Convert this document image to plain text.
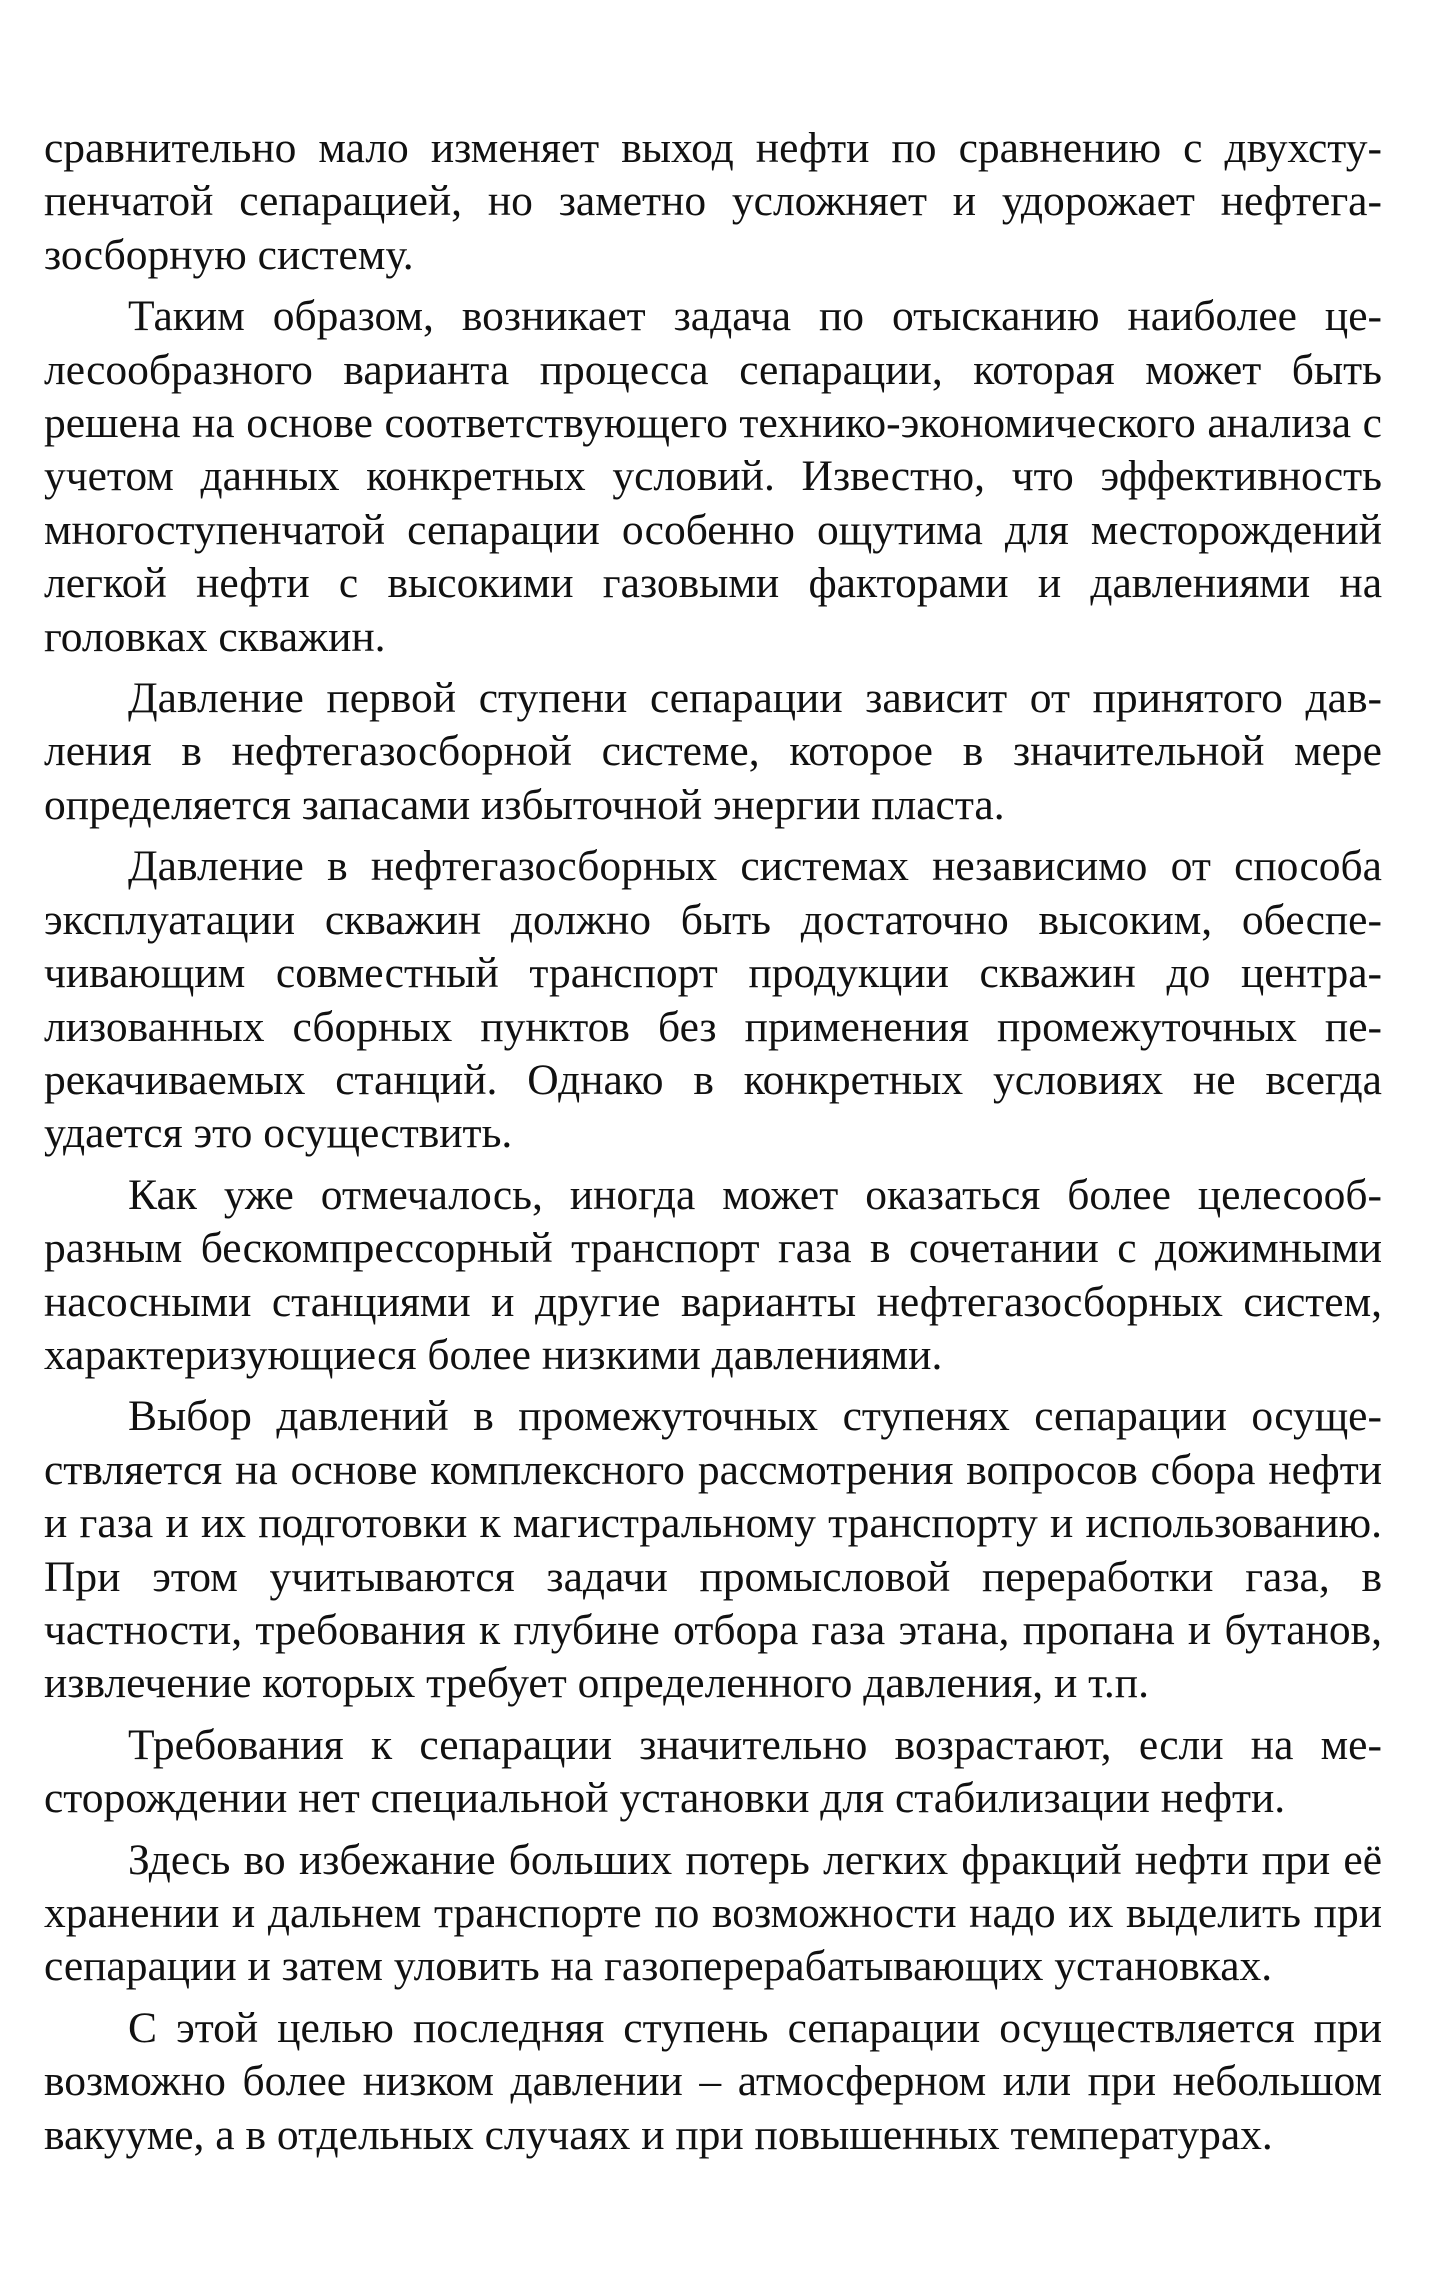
сравнительно мало изменяет выход нефти по сравнению с двухступенчатой сепарацией, но заметно усложняет и удорожает нефтегазосборную систему.

Таким образом, возникает задача по отысканию наиболее целесообразного варианта процесса сепарации, которая может быть решена на основе соответствующего технико-экономического анализа с учетом данных конкретных условий. Известно, что эффективность многоступенчатой сепарации особенно ощутима для месторождений легкой нефти с высокими газовыми факторами и давлениями на головках скважин.

Давление первой ступени сепарации зависит от принятого давления в нефтегазосборной системе, которое в значительной мере определяется запасами избыточной энергии пласта.

Давление в нефтегазосборных системах независимо от способа эксплуатации скважин должно быть достаточно высоким, обеспечивающим совместный транспорт продукции скважин до централизованных сборных пунктов без применения промежуточных перекачиваемых станций. Однако в конкретных условиях не всегда удается это осуществить.

Как уже отмечалось, иногда может оказаться более целесообразным бескомпрессорный транспорт газа в сочетании с дожимными насосными станциями и другие варианты нефтегазосборных систем, характеризующиеся более низкими давлениями.

Выбор давлений в промежуточных ступенях сепарации осуществляется на основе комплексного рассмотрения вопросов сбора нефти и газа и их подготовки к магистральному транспорту и использованию. При этом учитываются задачи промысловой переработки газа, в частности, требования к глубине отбора газа этана, пропана и бутанов, извлечение которых требует определенного давления, и т.п.

Требования к сепарации значительно возрастают, если на месторождении нет специальной установки для стабилизации нефти.

Здесь во избежание больших потерь легких фракций нефти при её хранении и дальнем транспорте по возможности надо их выделить при сепарации и затем уловить на газоперерабатывающих установках.

С этой целью последняя ступень сепарации осуществляется при возможно более низком давлении – атмосферном или при небольшом вакууме, а в отдельных случаях и при повышенных температурах.
